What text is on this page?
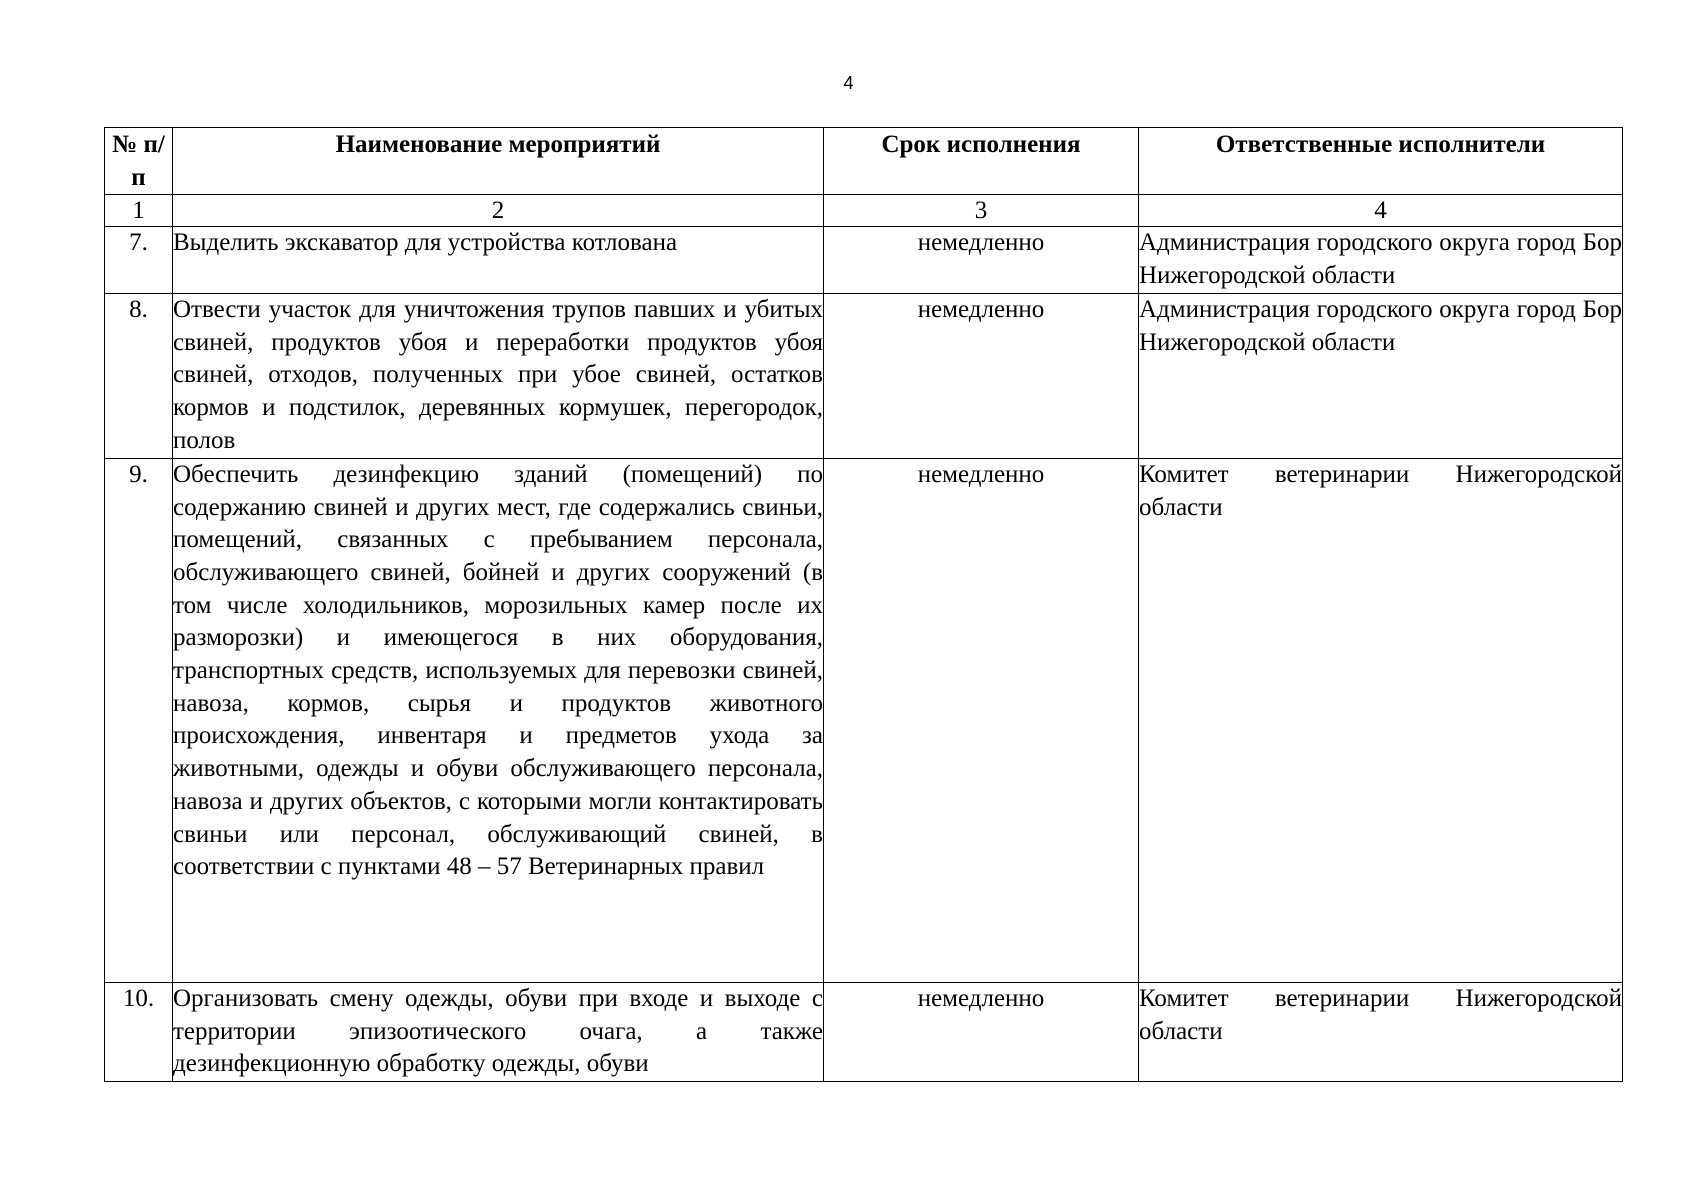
4
№ п/п	Наименование мероприятий	Срок исполнения	Ответственные исполнители
1	2	3	4
7.	Выделить экскаватор для устройства котлована	немедленно	Администрация городского округа город Бор Нижегородской области
8.	Отвести участок для уничтожения трупов павших и убитых свиней, продуктов убоя и переработки продуктов убоя свиней, отходов, полученных при убое свиней, остатков кормов и подстилок, деревянных кормушек, перегородок, полов	немедленно	Администрация городского округа город Бор Нижегородской области
9.	Обеспечить дезинфекцию зданий (помещений) по содержанию свиней и других мест, где содержались свиньи, помещений, связанных с пребыванием персонала, обслуживающего свиней, бойней и других сооружений (в том числе холодильников, морозильных камер после их разморозки) и имеющегося в них оборудования, транспортных средств, используемых для перевозки свиней, навоза, кормов, сырья и продуктов животного происхождения, инвентаря и предметов ухода за животными, одежды и обуви обслуживающего персонала, навоза и других объектов, с которыми могли контактировать свиньи или персонал, обслуживающий свиней, в соответствии с пунктами 48 – 57 Ветеринарных правил	немедленно	Комитет ветеринарии Нижегородской области
10.	Организовать смену одежды, обуви при входе и выходе с территории эпизоотического очага, а также дезинфекционную обработку одежды, обуви	немедленно	Комитет ветеринарии Нижегородской области
